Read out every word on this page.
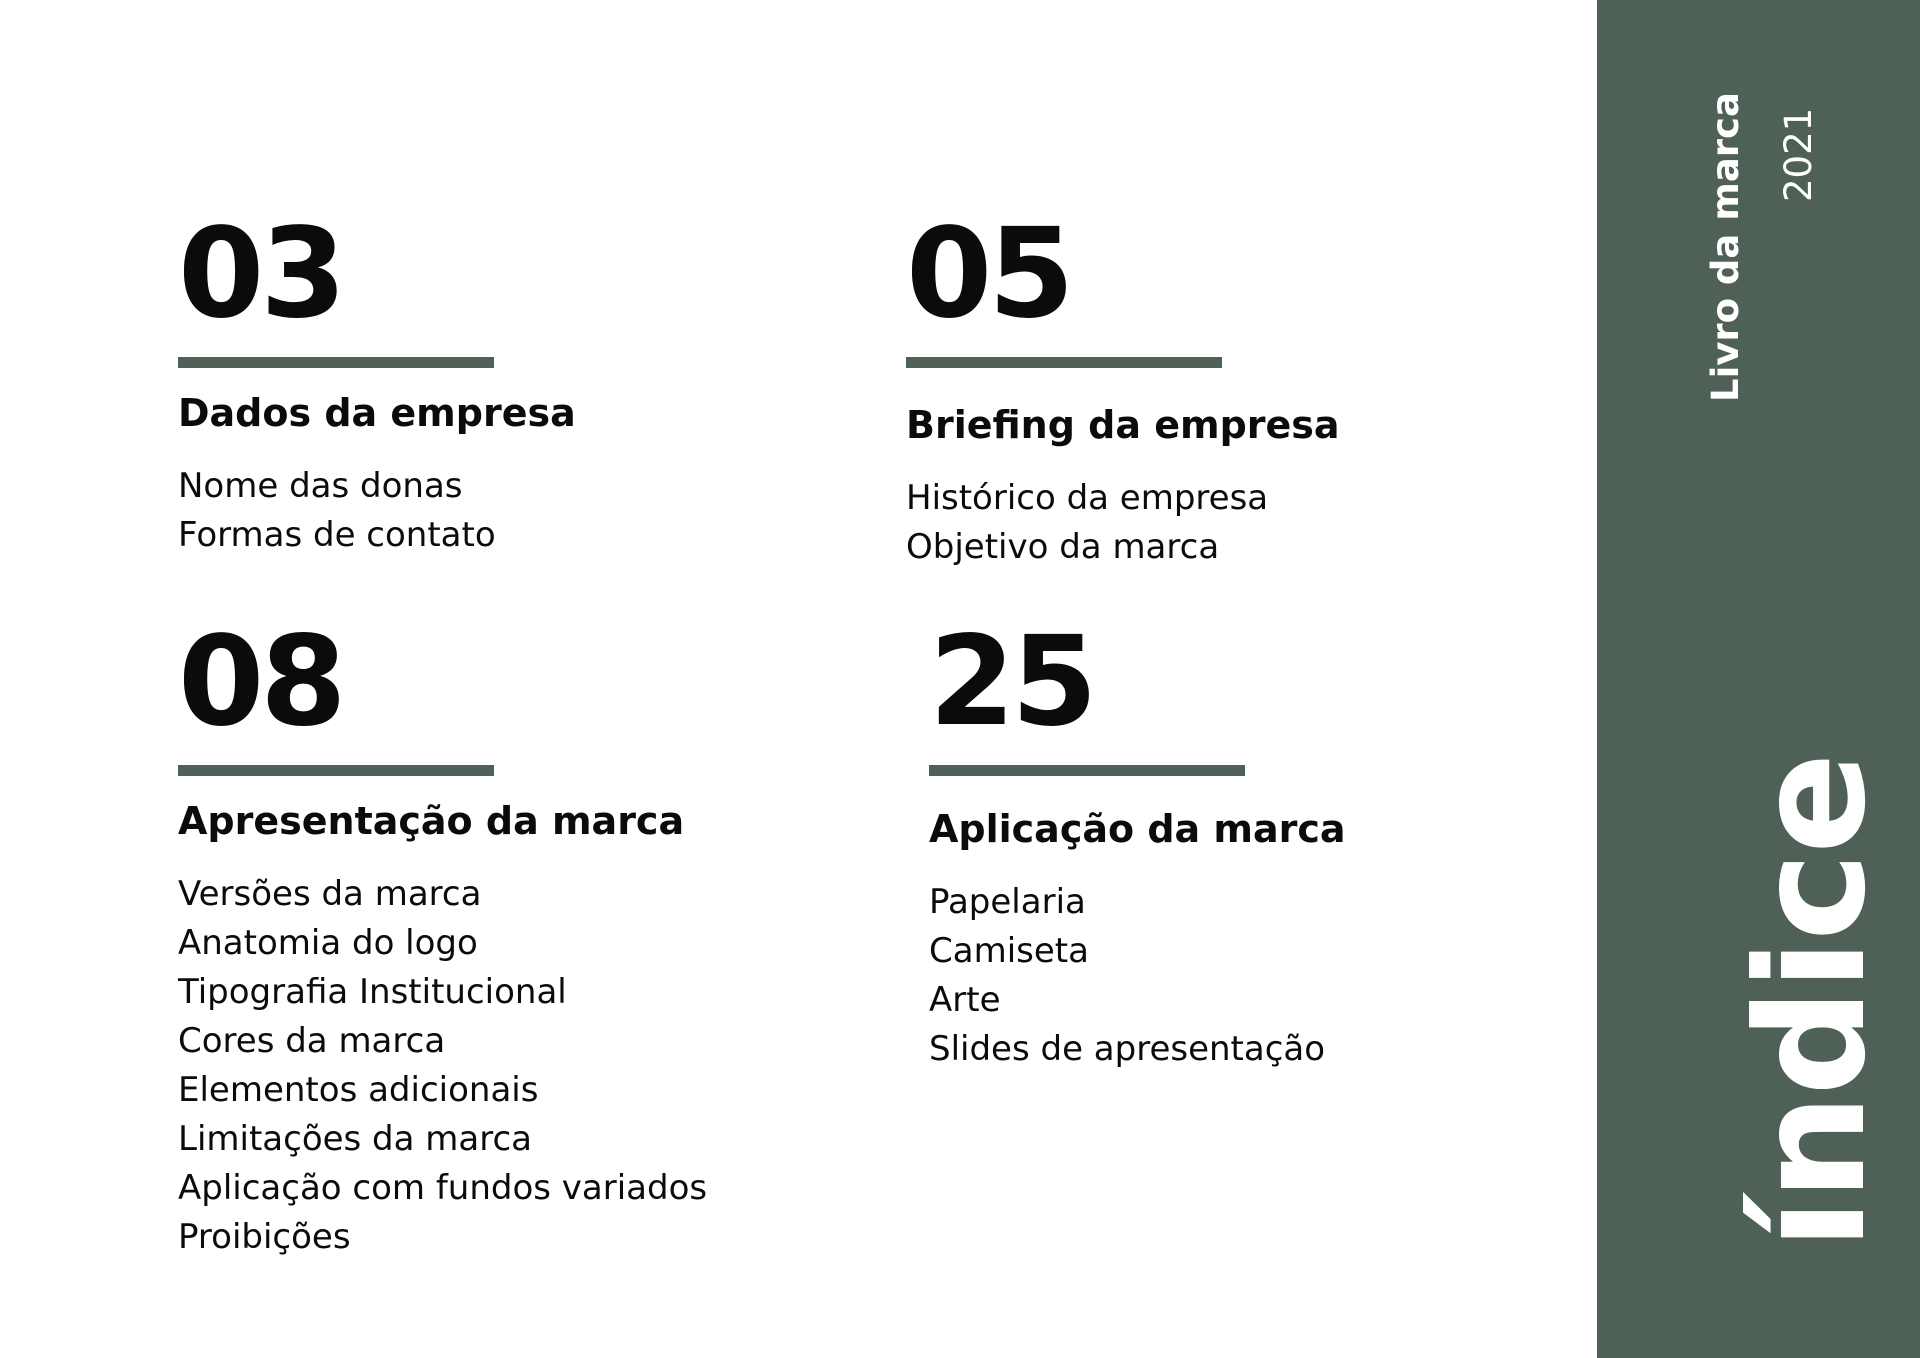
03
Dados da empresa
Nome das donas
Formas de contato
05
Briefing da empresa
Histórico da empresa
Objetivo da marca
08
Apresentação da marca
Versões da marca
Anatomia do logo
Tipografia Institucional
Cores da marca
Elementos adicionais
Limitações da marca
Aplicação com fundos variados
Proibições
25
Aplicação da marca
Papelaria
Camiseta
Arte
Slides de apresentação
Livro da marca 2021
índice
